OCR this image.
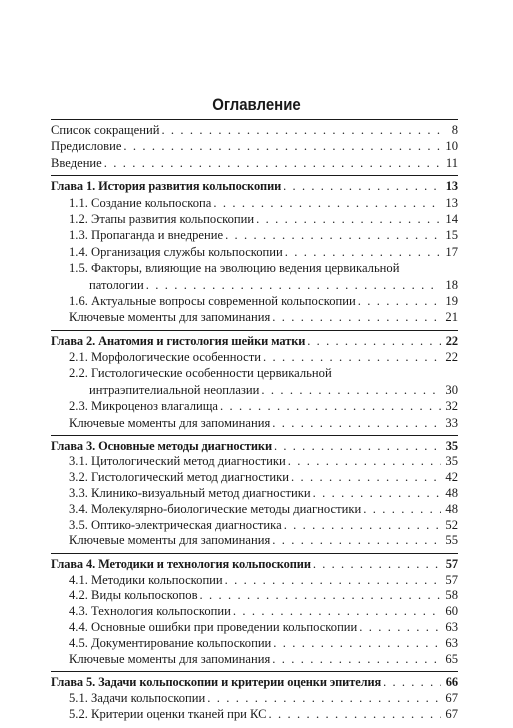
Оглавление
Список сокращений . . .	8
Предисловие . . .	10
Введение . . .	11
Глава 1. История развития кольпоскопии . . .	13
1.1. Создание кольпоскопа . . .	13
1.2. Этапы развития кольпоскопии . . .	14
1.3. Пропаганда и внедрение . . .	15
1.4. Организация службы кольпоскопии . . .	17
1.5. Факторы, влияющие на эволюцию ведения цервикальной
патологии . . .	18
1.6. Актуальные вопросы современной кольпоскопии . . .	19
Ключевые моменты для запоминания . . .	21
Глава 2. Анатомия и гистология шейки матки . . .	22
2.1. Морфологические особенности . . .	22
2.2. Гистологические особенности цервикальной
интраэпителиальной неоплазии . . .	30
2.3. Микроценоз влагалища . . .	32
Ключевые моменты для запоминания . . .	33
Глава 3. Основные методы диагностики . . .	35
3.1. Цитологический метод диагностики . . .	35
3.2. Гистологический метод диагностики . . .	42
3.3. Клинико-визуальный метод диагностики . . .	48
3.4. Молекулярно-биологические методы диагностики . . .	48
3.5. Оптико-электрическая диагностика . . .	52
Ключевые моменты для запоминания . . .	55
Глава 4. Методики и технология кольпоскопии . . .	57
4.1. Методики кольпоскопии . . .	57
4.2. Виды кольпоскопов . . .	58
4.3. Технология кольпоскопии . . .	60
4.4. Основные ошибки при проведении кольпоскопии . . .	63
4.5. Документирование кольпоскопии . . .	63
Ключевые моменты для запоминания . . .	65
Глава 5. Задачи кольпоскопии и критерии оценки эпителия . . .	66
5.1. Задачи кольпоскопии . . .	67
5.2. Критерии оценки тканей при КС . . .	67
